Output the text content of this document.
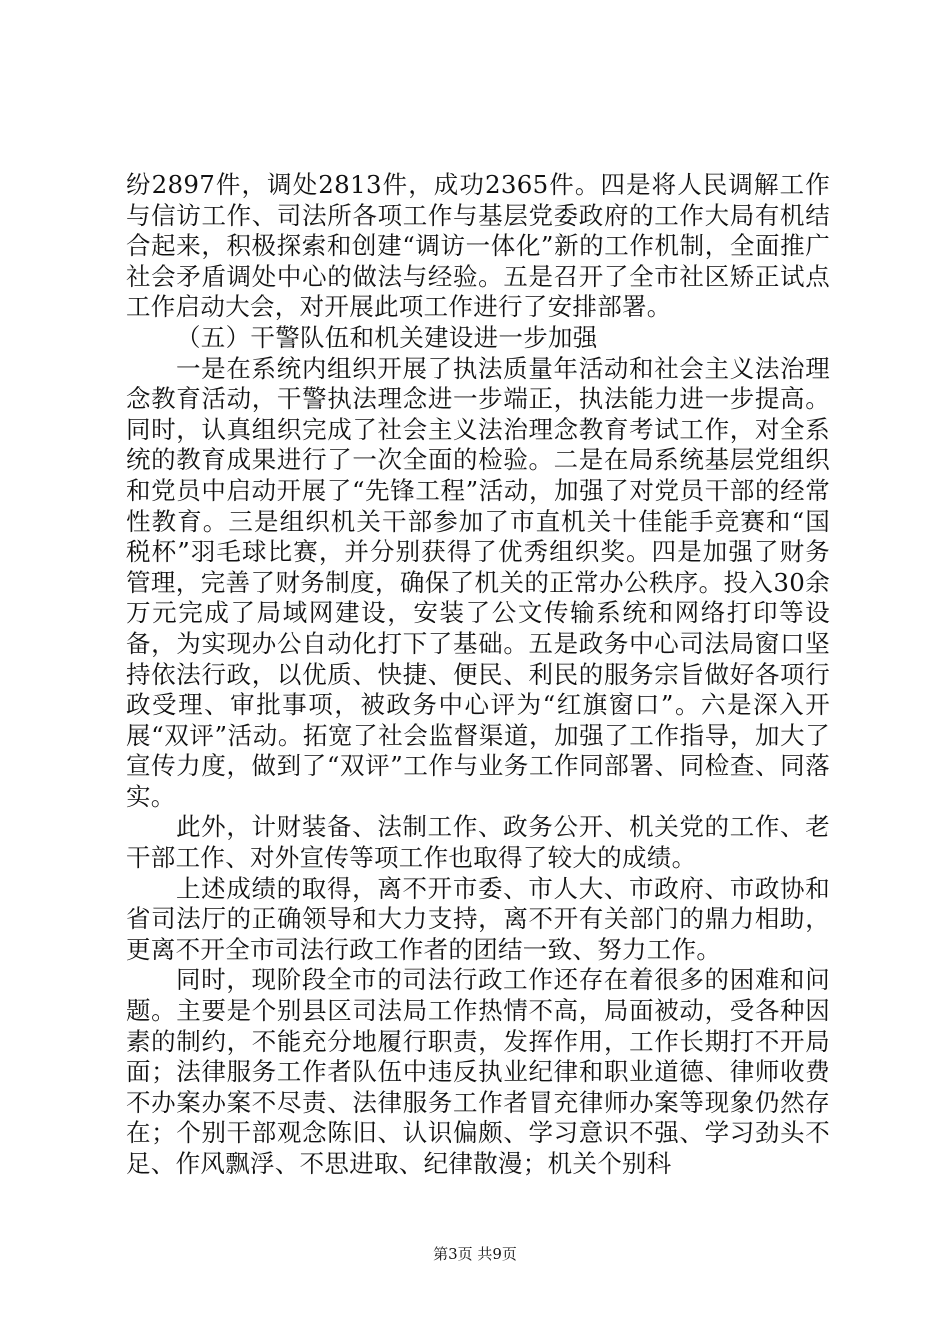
纷2897件，调处2813件，成功2365件。四是将人民调解工作与信访工作、司法所各项工作与基层党委政府的工作大局有机结合起来，积极探索和创建“调访一体化”新的工作机制，全面推广社会矛盾调处中心的做法与经验。五是召开了全市社区矫正试点工作启动大会，对开展此项工作进行了安排部署。

（五）干警队伍和机关建设进一步加强

一是在系统内组织开展了执法质量年活动和社会主义法治理念教育活动，干警执法理念进一步端正，执法能力进一步提高。同时，认真组织完成了社会主义法治理念教育考试工作，对全系统的教育成果进行了一次全面的检验。二是在局系统基层党组织和党员中启动开展了“先锋工程”活动，加强了对党员干部的经常性教育。三是组织机关干部参加了市直机关十佳能手竞赛和“国税杯”羽毛球比赛，并分别获得了优秀组织奖。四是加强了财务管理，完善了财务制度，确保了机关的正常办公秩序。投入30余万元完成了局域网建设，安装了公文传输系统和网络打印等设备，为实现办公自动化打下了基础。五是政务中心司法局窗口坚持依法行政，以优质、快捷、便民、利民的服务宗旨做好各项行政受理、审批事项，被政务中心评为“红旗窗口”。六是深入开展“双评”活动。拓宽了社会监督渠道，加强了工作指导，加大了宣传力度，做到了“双评”工作与业务工作同部署、同检查、同落实。

此外，计财装备、法制工作、政务公开、机关党的工作、老干部工作、对外宣传等项工作也取得了较大的成绩。

上述成绩的取得，离不开市委、市人大、市政府、市政协和省司法厅的正确领导和大力支持，离不开有关部门的鼎力相助，更离不开全市司法行政工作者的团结一致、努力工作。

同时，现阶段全市的司法行政工作还存在着很多的困难和问题。主要是个别县区司法局工作热情不高，局面被动，受各种因素的制约，不能充分地履行职责，发挥作用，工作长期打不开局面；法律服务工作者队伍中违反执业纪律和职业道德、律师收费不办案办案不尽责、法律服务工作者冒充律师办案等现象仍然存在；个别干部观念陈旧、认识偏颇、学习意识不强、学习劲头不足、作风飘浮、不思进取、纪律散漫；机关个别科

第3页 共9页
